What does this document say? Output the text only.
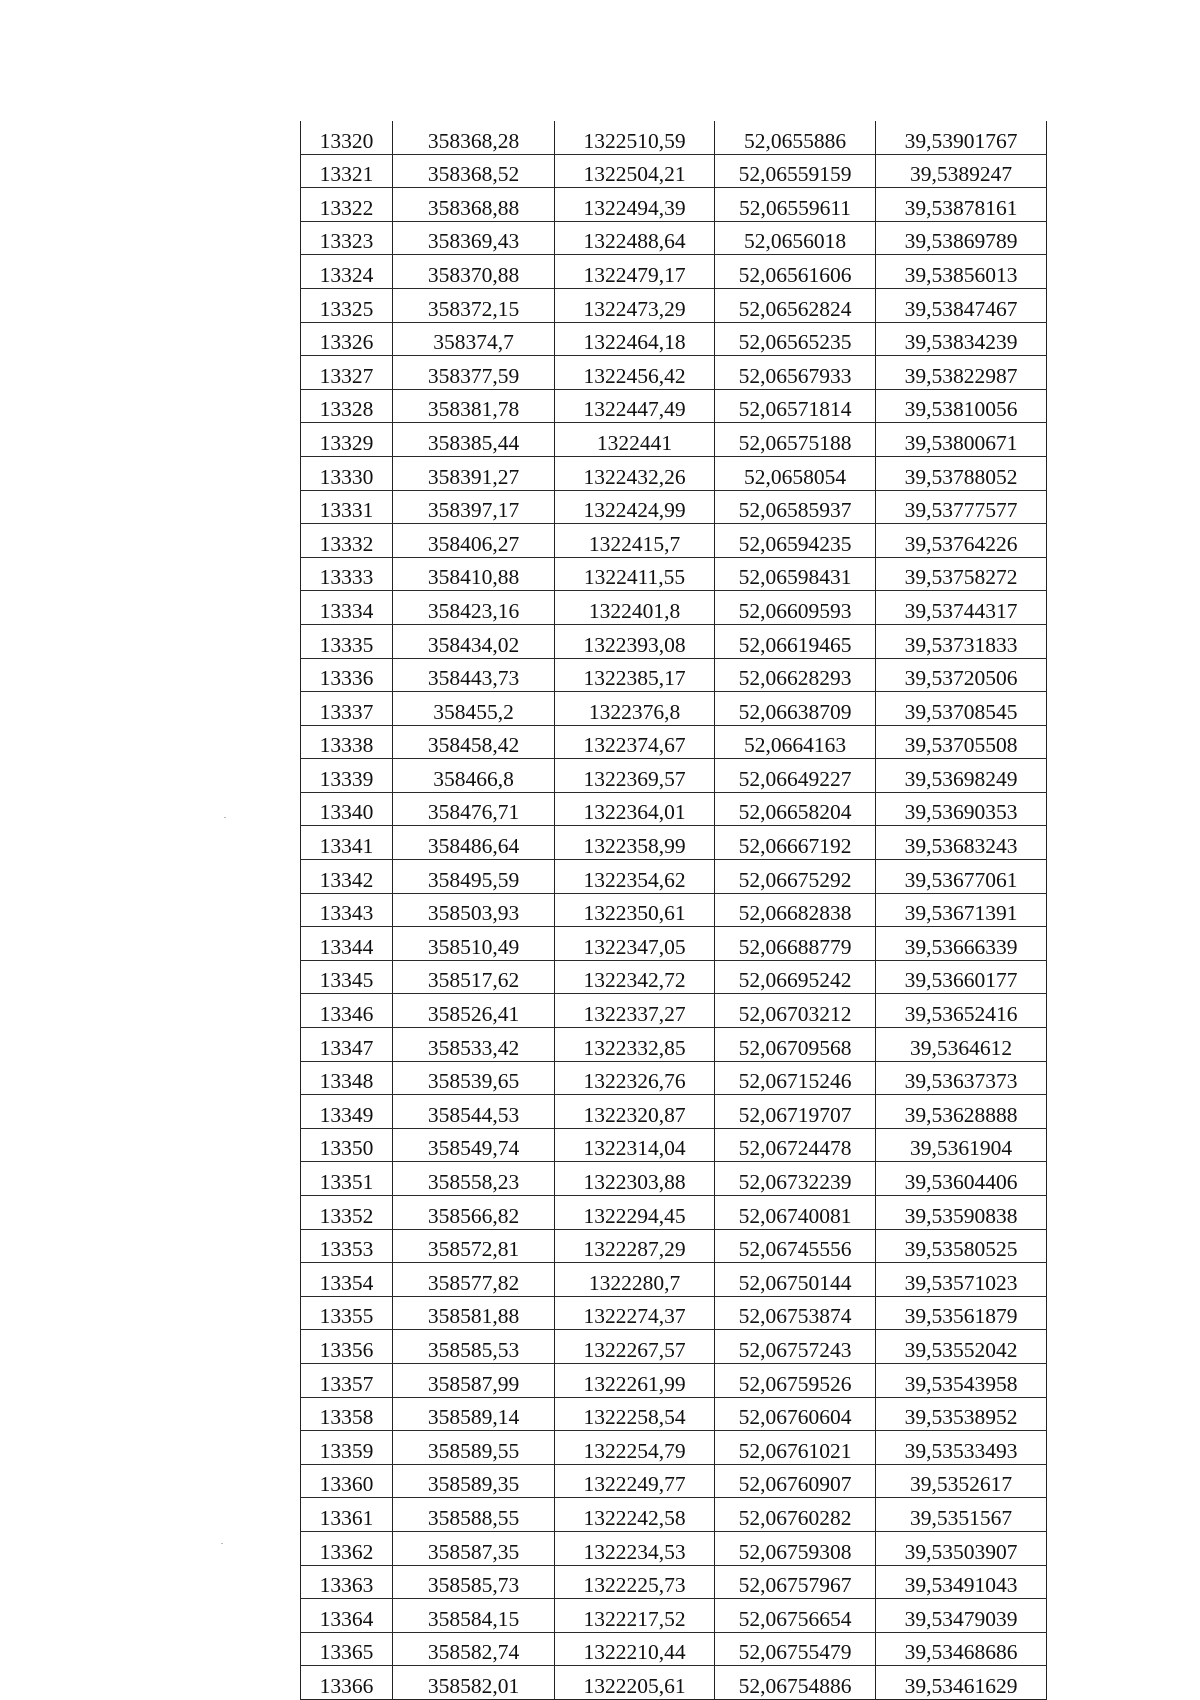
13320	358368,28	1322510,59	52,0655886	39,53901767
13321	358368,52	1322504,21	52,06559159	39,5389247
13322	358368,88	1322494,39	52,06559611	39,53878161
13323	358369,43	1322488,64	52,0656018	39,53869789
13324	358370,88	1322479,17	52,06561606	39,53856013
13325	358372,15	1322473,29	52,06562824	39,53847467
13326	358374,7	1322464,18	52,06565235	39,53834239
13327	358377,59	1322456,42	52,06567933	39,53822987
13328	358381,78	1322447,49	52,06571814	39,53810056
13329	358385,44	1322441	52,06575188	39,53800671
13330	358391,27	1322432,26	52,0658054	39,53788052
13331	358397,17	1322424,99	52,06585937	39,53777577
13332	358406,27	1322415,7	52,06594235	39,53764226
13333	358410,88	1322411,55	52,06598431	39,53758272
13334	358423,16	1322401,8	52,06609593	39,53744317
13335	358434,02	1322393,08	52,06619465	39,53731833
13336	358443,73	1322385,17	52,06628293	39,53720506
13337	358455,2	1322376,8	52,06638709	39,53708545
13338	358458,42	1322374,67	52,0664163	39,53705508
13339	358466,8	1322369,57	52,06649227	39,53698249
13340	358476,71	1322364,01	52,06658204	39,53690353
13341	358486,64	1322358,99	52,06667192	39,53683243
13342	358495,59	1322354,62	52,06675292	39,53677061
13343	358503,93	1322350,61	52,06682838	39,53671391
13344	358510,49	1322347,05	52,06688779	39,53666339
13345	358517,62	1322342,72	52,06695242	39,53660177
13346	358526,41	1322337,27	52,06703212	39,53652416
13347	358533,42	1322332,85	52,06709568	39,5364612
13348	358539,65	1322326,76	52,06715246	39,53637373
13349	358544,53	1322320,87	52,06719707	39,53628888
13350	358549,74	1322314,04	52,06724478	39,5361904
13351	358558,23	1322303,88	52,06732239	39,53604406
13352	358566,82	1322294,45	52,06740081	39,53590838
13353	358572,81	1322287,29	52,06745556	39,53580525
13354	358577,82	1322280,7	52,06750144	39,53571023
13355	358581,88	1322274,37	52,06753874	39,53561879
13356	358585,53	1322267,57	52,06757243	39,53552042
13357	358587,99	1322261,99	52,06759526	39,53543958
13358	358589,14	1322258,54	52,06760604	39,53538952
13359	358589,55	1322254,79	52,06761021	39,53533493
13360	358589,35	1322249,77	52,06760907	39,5352617
13361	358588,55	1322242,58	52,06760282	39,5351567
13362	358587,35	1322234,53	52,06759308	39,53503907
13363	358585,73	1322225,73	52,06757967	39,53491043
13364	358584,15	1322217,52	52,06756654	39,53479039
13365	358582,74	1322210,44	52,06755479	39,53468686
13366	358582,01	1322205,61	52,06754886	39,53461629
